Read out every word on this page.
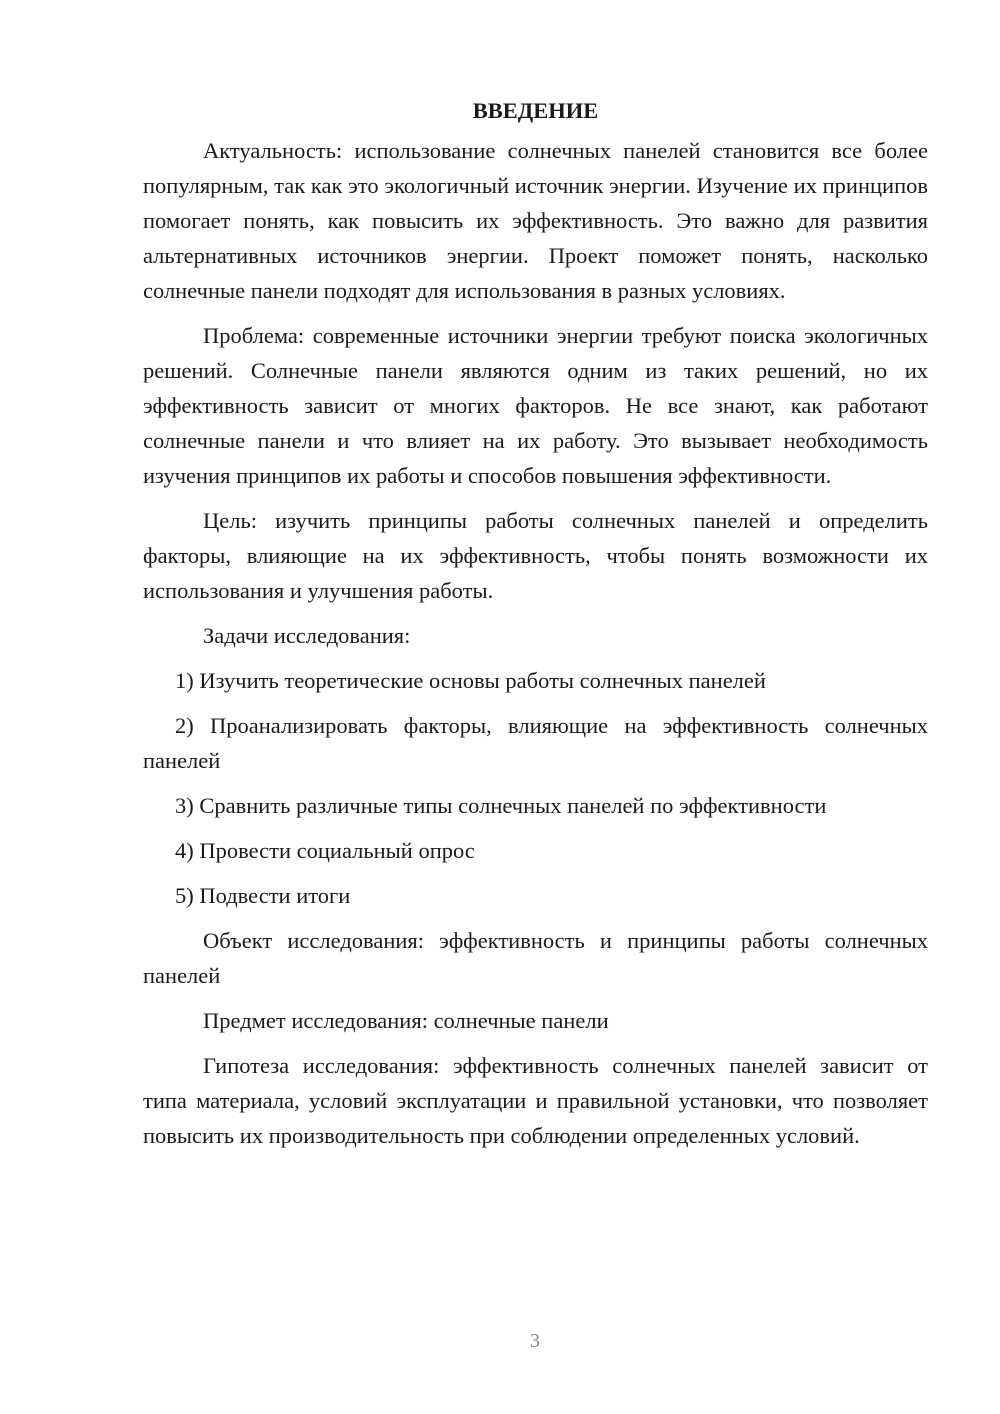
ВВЕДЕНИЕ

Актуальность: использование солнечных панелей становится все более популярным, так как это экологичный источник энергии. Изучение их принципов помогает понять, как повысить их эффективность. Это важно для развития альтернативных источников энергии. Проект поможет понять, насколько солнечные панели подходят для использования в разных условиях.

Проблема: современные источники энергии требуют поиска экологичных решений. Солнечные панели являются одним из таких решений, но их эффективность зависит от многих факторов. Не все знают, как работают солнечные панели и что влияет на их работу. Это вызывает необходимость изучения принципов их работы и способов повышения эффективности.

Цель: изучить принципы работы солнечных панелей и определить факторы, влияющие на их эффективность, чтобы понять возможности их использования и улучшения работы.

Задачи исследования:

1) Изучить теоретические основы работы солнечных панелей

2) Проанализировать факторы, влияющие на эффективность солнечных панелей

3) Сравнить различные типы солнечных панелей по эффективности

4) Провести социальный опрос

5) Подвести итоги

Объект исследования: эффективность и принципы работы солнечных панелей

Предмет исследования: солнечные панели

Гипотеза исследования: эффективность солнечных панелей зависит от типа материала, условий эксплуатации и правильной установки, что позволяет повысить их производительность при соблюдении определенных условий.

3
